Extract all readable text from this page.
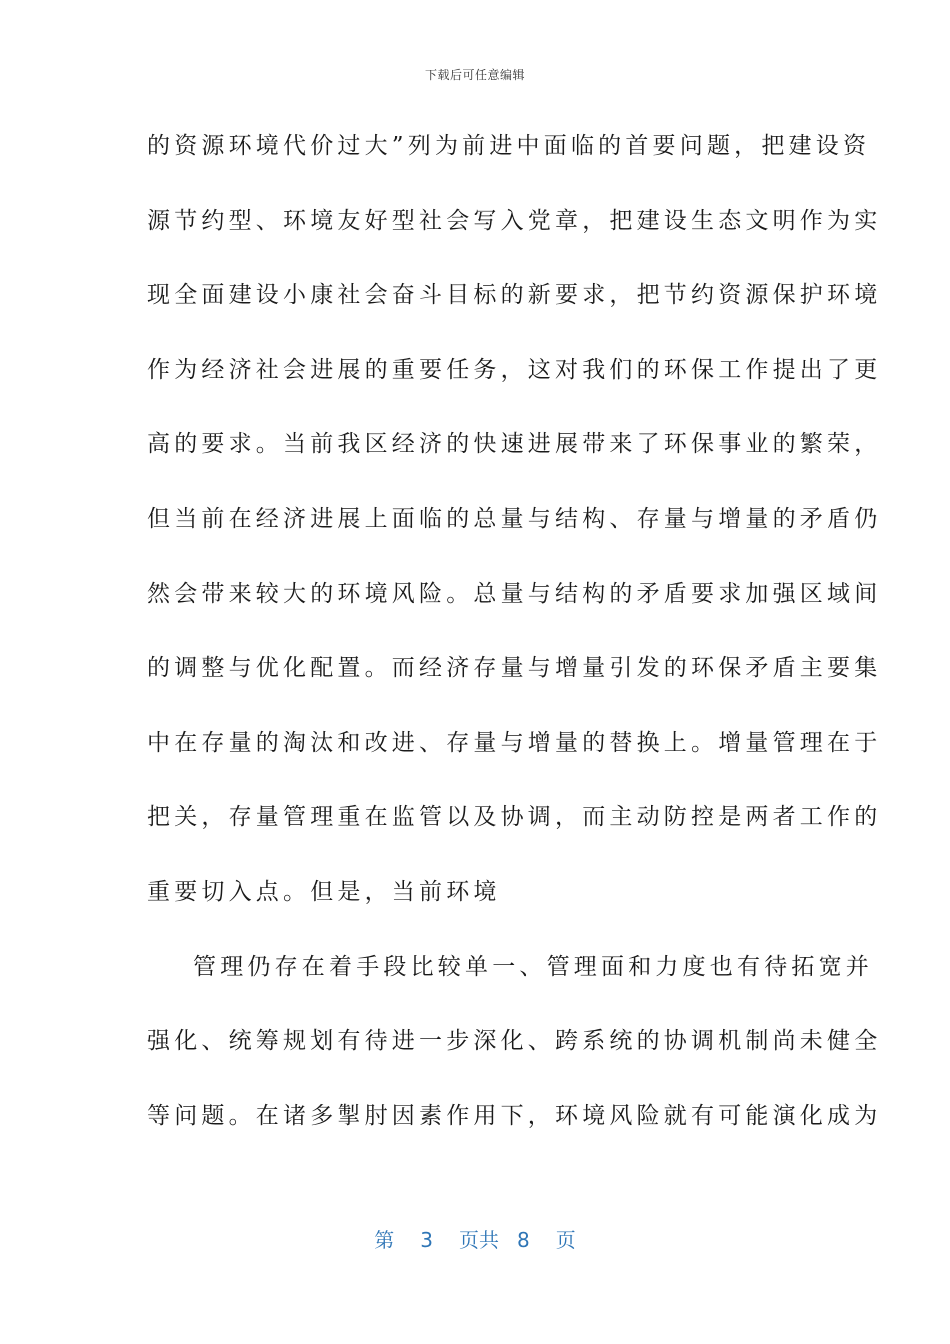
下载后可任意编辑
的资源环境代价过大”列为前进中面临的首要问题，把建设资
源节约型、环境友好型社会写入党章，把建设生态文明作为实
现全面建设小康社会奋斗目标的新要求，把节约资源保护环境
作为经济社会进展的重要任务，这对我们的环保工作提出了更
高的要求。当前我区经济的快速进展带来了环保事业的繁荣，
但当前在经济进展上面临的总量与结构、存量与增量的矛盾仍
然会带来较大的环境风险。总量与结构的矛盾要求加强区域间
的调整与优化配置。而经济存量与增量引发的环保矛盾主要集
中在存量的淘汰和改进、存量与增量的替换上。增量管理在于
把关，存量管理重在监管以及协调，而主动防控是两者工作的
重要切入点。但是，当前环境
管理仍存在着手段比较单一、管理面和力度也有待拓宽并
强化、统筹规划有待进一步深化、跨系统的协调机制尚未健全
等问题。在诸多掣肘因素作用下，环境风险就有可能演化成为
第 3 页共 8 页
